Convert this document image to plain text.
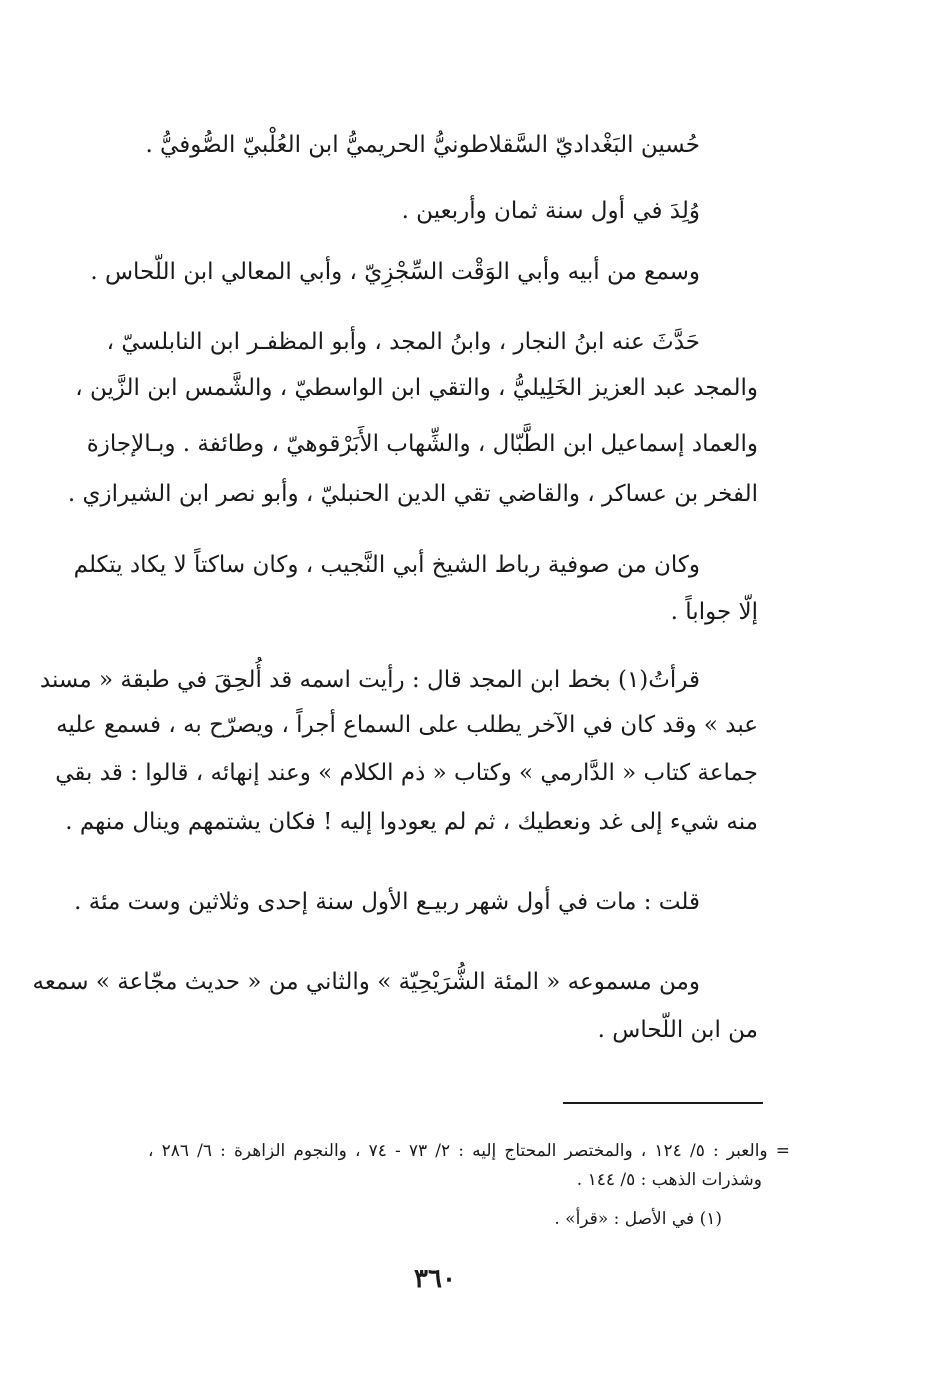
حُسين البَغْداديّ السَّقلاطونيُّ الحريميُّ ابن العُلْبيّ الصُّوفيُّ .
وُلِدَ في أول سنة ثمان وأربعين .
وسمع من أبيه وأبي الوَقْت السِّجْزِيّ ، وأبي المعالي ابن اللّحاس .
حَدَّثَ عنه ابنُ النجار ، وابنُ المجد ، وأبو المظفـر ابن النابلسيّ ،
والمجد عبد العزيز الخَلِيليُّ ، والتقي ابن الواسطيّ ، والشَّمس ابن الزَّين ،
والعماد إسماعيل ابن الطَّبّال ، والشِّهاب الأَبَرْقوهيّ ، وطائفة . وبـالإجازة
الفخر بن عساكر ، والقاضي تقي الدين الحنبليّ ، وأبو نصر ابن الشيرازي .
وكان من صوفية رباط الشيخ أبي النَّجيب ، وكان ساكتاً لا يكاد يتكلم
إلّا جواباً .
قرأتُ(١) بخط ابن المجد قال : رأيت اسمه قد أُلحِقَ في طبقة « مسند
عبد » وقد كان في الآخر يطلب على السماع أجراً ، ويصرّح به ، فسمع عليه
جماعة كتاب « الدَّارمي » وكتاب « ذم الكلام » وعند إنهائه ، قالوا : قد بقي
منه شيء إلى غد ونعطيك ، ثم لم يعودوا إليه ! فكان يشتمهم وينال منهم .
قلت : مات في أول شهر ربيـع الأول سنة إحدى وثلاثين وست مئة .
ومن مسموعه « المئة الشُّرَيْحِيّة » والثاني من « حديث مجّاعة » سمعه
من ابن اللّحاس .
= والعبر : ٥/ ١٢٤ ، والمختصر المحتاج إليه : ٢/ ٧٣ - ٧٤ ، والنجوم الزاهرة : ٦/ ٢٨٦ ،
وشذرات الذهب : ٥/ ١٤٤ .
(١) في الأصل : «قرأ» .
٣٦٠
